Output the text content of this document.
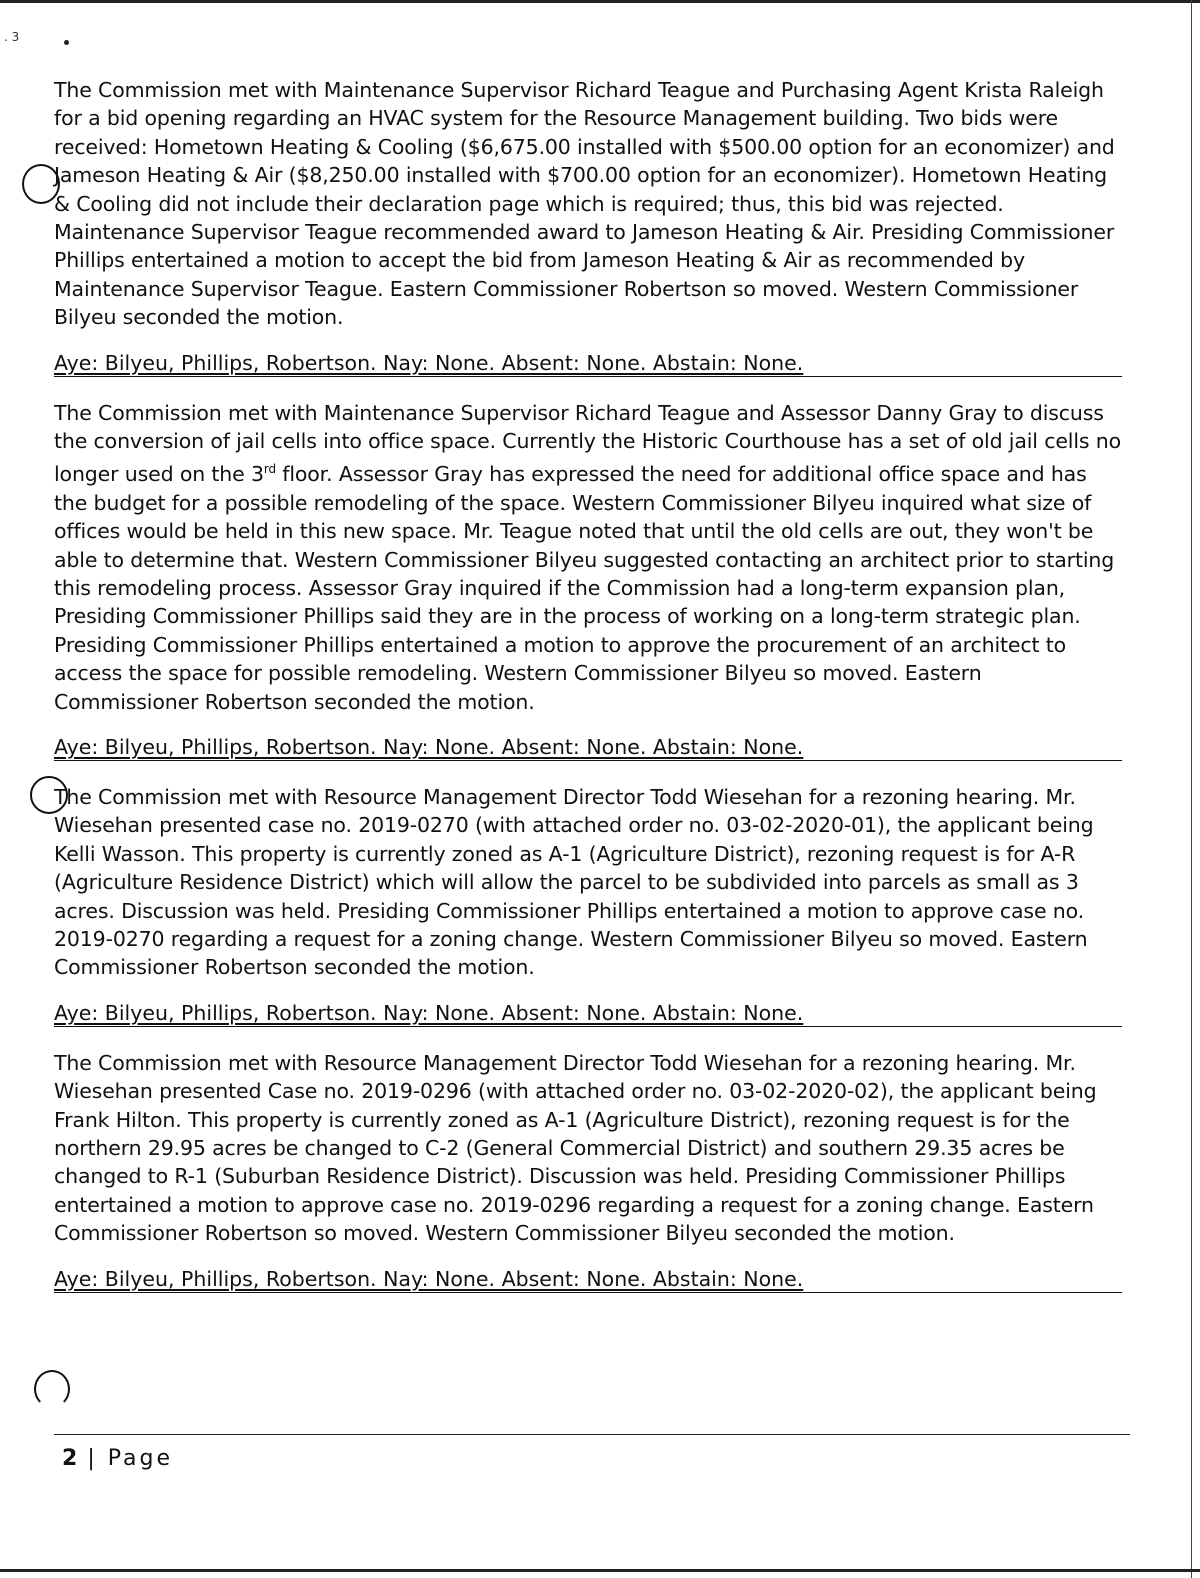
. 3

The Commission met with Maintenance Supervisor Richard Teague and Purchasing Agent Krista Raleigh for a bid opening regarding an HVAC system for the Resource Management building. Two bids were received: Hometown Heating & Cooling ($6,675.00 installed with $500.00 option for an economizer) and Jameson Heating & Air ($8,250.00 installed with $700.00 option for an economizer). Hometown Heating & Cooling did not include their declaration page which is required; thus, this bid was rejected. Maintenance Supervisor Teague recommended award to Jameson Heating & Air. Presiding Commissioner Phillips entertained a motion to accept the bid from Jameson Heating & Air as recommended by Maintenance Supervisor Teague. Eastern Commissioner Robertson so moved. Western Commissioner Bilyeu seconded the motion.

Aye: Bilyeu, Phillips, Robertson. Nay: None. Absent: None. Abstain: None.

The Commission met with Maintenance Supervisor Richard Teague and Assessor Danny Gray to discuss the conversion of jail cells into office space. Currently the Historic Courthouse has a set of old jail cells no longer used on the 3rd floor. Assessor Gray has expressed the need for additional office space and has the budget for a possible remodeling of the space. Western Commissioner Bilyeu inquired what size of offices would be held in this new space. Mr. Teague noted that until the old cells are out, they won't be able to determine that. Western Commissioner Bilyeu suggested contacting an architect prior to starting this remodeling process. Assessor Gray inquired if the Commission had a long-term expansion plan, Presiding Commissioner Phillips said they are in the process of working on a long-term strategic plan. Presiding Commissioner Phillips entertained a motion to approve the procurement of an architect to access the space for possible remodeling. Western Commissioner Bilyeu so moved. Eastern Commissioner Robertson seconded the motion.

Aye: Bilyeu, Phillips, Robertson. Nay: None. Absent: None. Abstain: None.

The Commission met with Resource Management Director Todd Wiesehan for a rezoning hearing. Mr. Wiesehan presented case no. 2019-0270 (with attached order no. 03-02-2020-01), the applicant being Kelli Wasson. This property is currently zoned as A-1 (Agriculture District), rezoning request is for A-R (Agriculture Residence District) which will allow the parcel to be subdivided into parcels as small as 3 acres. Discussion was held. Presiding Commissioner Phillips entertained a motion to approve case no. 2019-0270 regarding a request for a zoning change. Western Commissioner Bilyeu so moved. Eastern Commissioner Robertson seconded the motion.

Aye: Bilyeu, Phillips, Robertson. Nay: None. Absent: None. Abstain: None.

The Commission met with Resource Management Director Todd Wiesehan for a rezoning hearing. Mr. Wiesehan presented Case no. 2019-0296 (with attached order no. 03-02-2020-02), the applicant being Frank Hilton. This property is currently zoned as A-1 (Agriculture District), rezoning request is for the northern 29.95 acres be changed to C-2 (General Commercial District) and southern 29.35 acres be changed to R-1 (Suburban Residence District). Discussion was held. Presiding Commissioner Phillips entertained a motion to approve case no. 2019-0296 regarding a request for a zoning change. Eastern Commissioner Robertson so moved. Western Commissioner Bilyeu seconded the motion.

Aye: Bilyeu, Phillips, Robertson. Nay: None. Absent: None. Abstain: None.
2 | Page
